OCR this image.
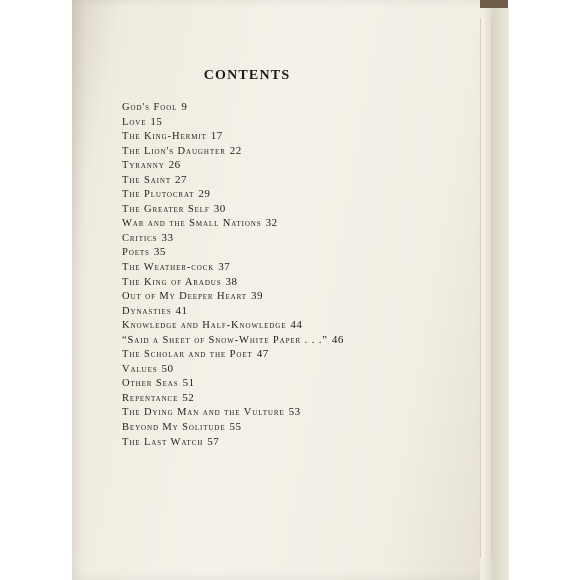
CONTENTS
God's Fool 9
Love 15
The King-Hermit 17
The Lion's Daughter 22
Tyranny 26
The Saint 27
The Plutocrat 29
The Greater Self 30
War and the Small Nations 32
Critics 33
Poets 35
The Weather-cock 37
The King of Aradus 38
Out of My Deeper Heart 39
Dynasties 41
Knowledge and Half-Knowledge 44
“Said a Sheet of Snow-White Paper . . .” 46
The Scholar and the Poet 47
Values 50
Other Seas 51
Repentance 52
The Dying Man and the Vulture 53
Beyond My Solitude 55
The Last Watch 57
